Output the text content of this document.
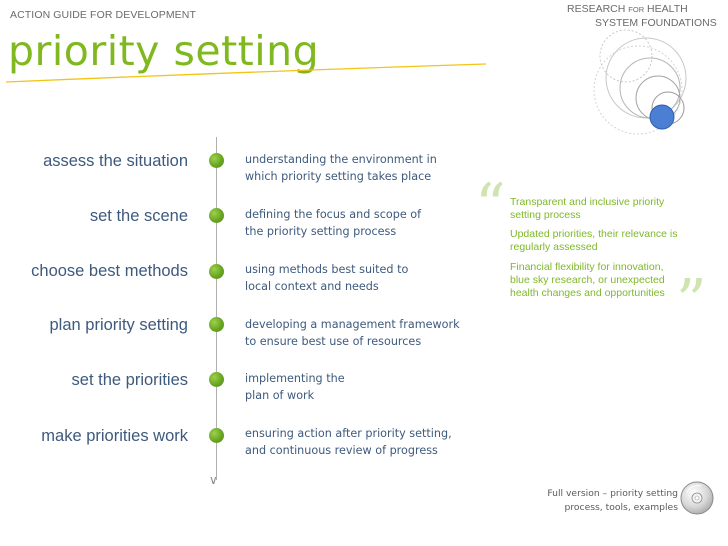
ACTION GUIDE FOR DEVELOPMENT	RESEARCH FOR HEALTH
SYSTEM FOUNDATIONS
priority setting
∨
assess the situation	understanding the environment in
which priority setting takes place
set the scene	defining the focus and scope of
the priority setting process
choose best methods	using methods best suited to
local context and needs
plan priority setting	developing a management framework
to ensure best use of resources
set the priorities	implementing the
plan of work
make priorities work	ensuring action after priority setting,
and continuous review of progress
“ Transparent and inclusive priority
setting process
Updated priorities, their relevance is
regularly assessed
Financial flexibility for innovation,
blue sky research, or unexpected
health changes and opportunities ”
Full version – priority setting
process, tools, examples
